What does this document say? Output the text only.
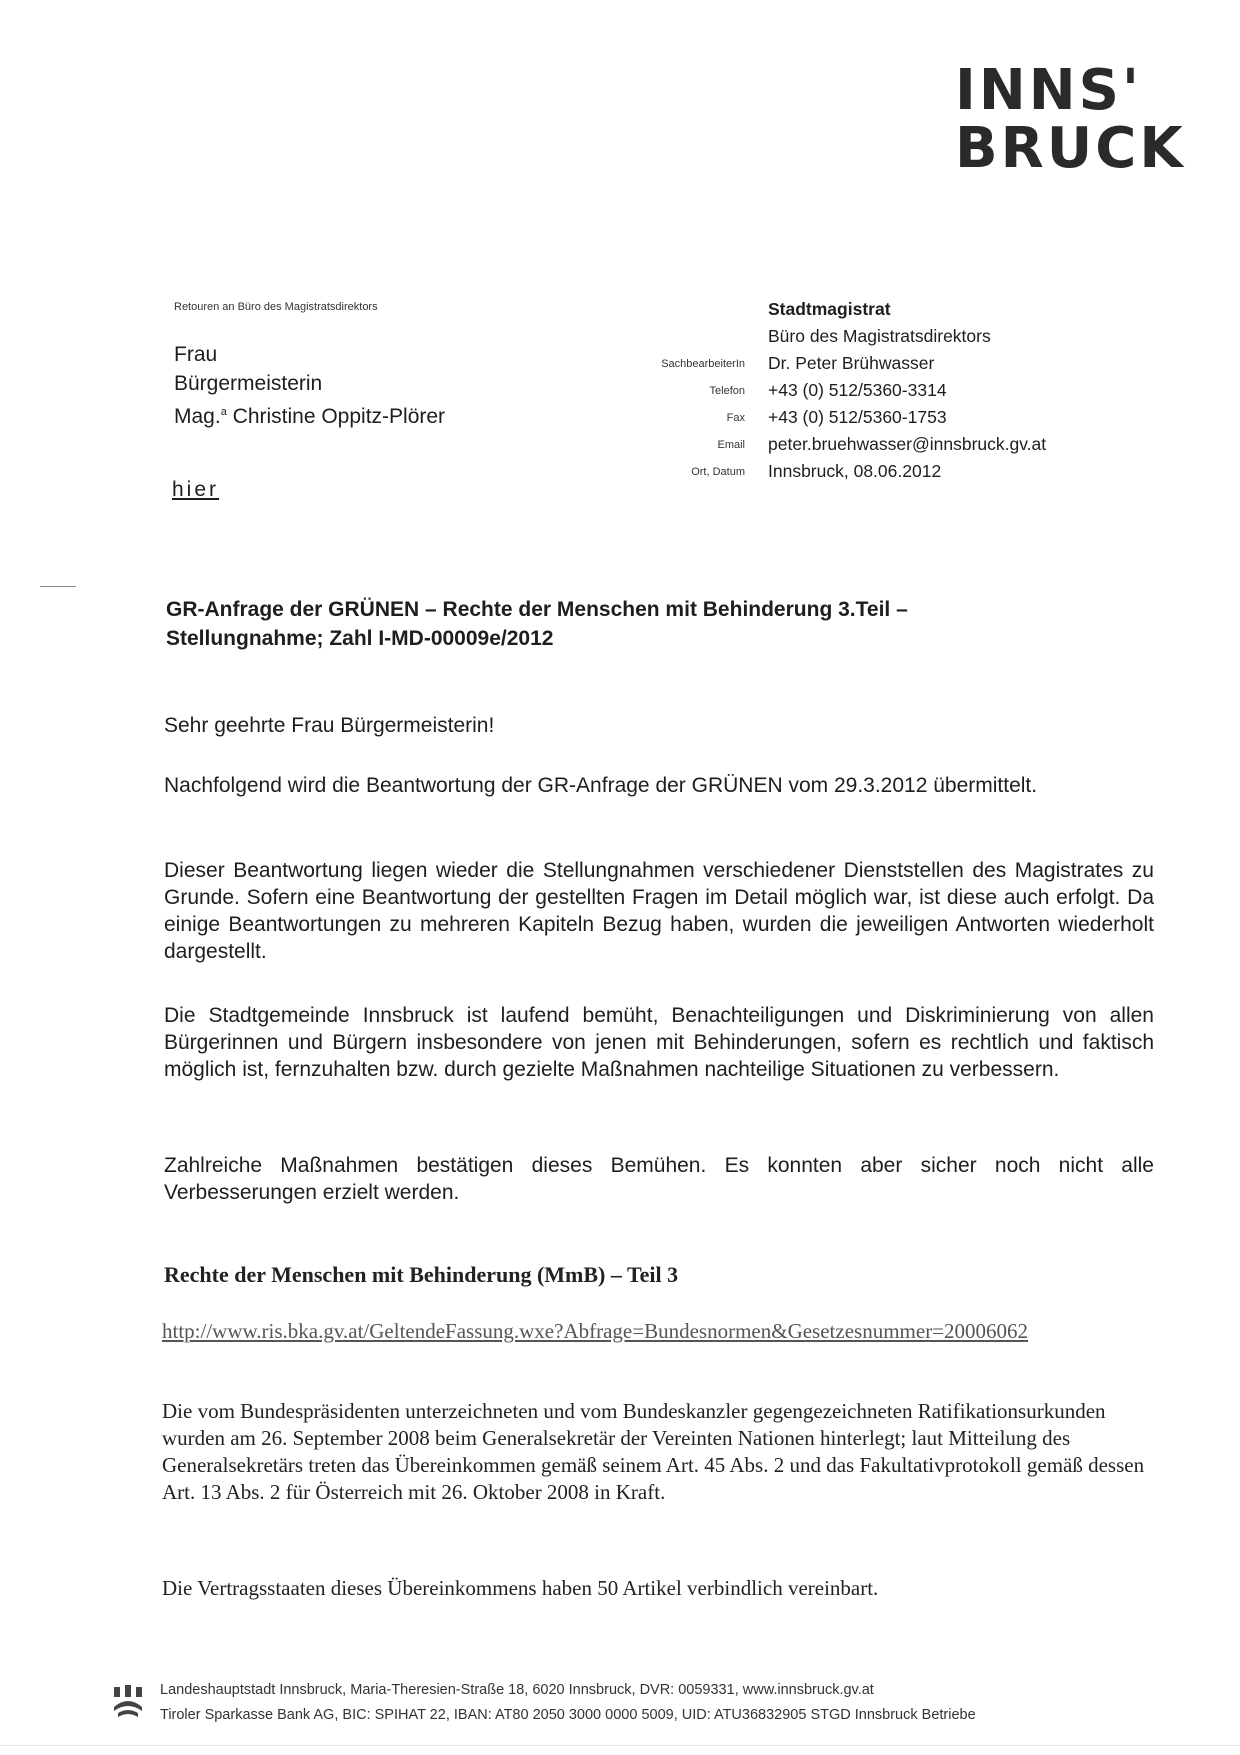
INNS'
BRUCK
Retouren an Büro des Magistratsdirektors
Frau
Bürgermeisterin
Mag.$^a$ Christine Oppitz-Plörer
hier
SachbearbeiterIn
Telefon
Fax
Email
Ort, Datum
Stadtmagistrat
Büro des Magistratsdirektors
Dr. Peter Brühwasser
+43 (0) 512/5360-3314
+43 (0) 512/5360-1753
peter.bruehwasser@innsbruck.gv.at
Innsbruck, 08.06.2012
GR-Anfrage der GRÜNEN – Rechte der Menschen mit Behinderung 3.Teil –
Stellungnahme; Zahl I-MD-00009e/2012
Sehr geehrte Frau Bürgermeisterin!
Nachfolgend wird die Beantwortung der GR-Anfrage der GRÜNEN vom 29.3.2012 übermittelt.
Dieser Beantwortung liegen wieder die Stellungnahmen verschiedener Dienststellen des Magistrates zu Grunde. Sofern eine Beantwortung der gestellten Fragen im Detail möglich war, ist diese auch erfolgt. Da einige Beantwortungen zu mehreren Kapiteln Bezug haben, wurden die jeweiligen Antworten wiederholt dargestellt.
Die Stadtgemeinde Innsbruck ist laufend bemüht, Benachteiligungen und Diskriminierung von allen Bürgerinnen und Bürgern insbesondere von jenen mit Behinderungen, sofern es rechtlich und faktisch möglich ist, fernzuhalten bzw. durch gezielte Maßnahmen nachteilige Situationen zu verbessern.
Zahlreiche Maßnahmen bestätigen dieses Bemühen. Es konnten aber sicher noch nicht alle Verbesserungen erzielt werden.
Rechte der Menschen mit Behinderung (MmB) – Teil 3
http://www.ris.bka.gv.at/GeltendeFassung.wxe?Abfrage=Bundesnormen&Gesetzesnummer=20006062
Die vom Bundespräsidenten unterzeichneten und vom Bundeskanzler gegengezeichneten Ratifikationsurkunden wurden am 26. September 2008 beim Generalsekretär der Vereinten Nationen hinterlegt; laut Mitteilung des Generalsekretärs treten das Übereinkommen gemäß seinem Art. 45 Abs. 2 und das Fakultativprotokoll gemäß dessen Art. 13 Abs. 2 für Österreich mit 26. Oktober 2008 in Kraft.
Die Vertragsstaaten dieses Übereinkommens haben 50 Artikel verbindlich vereinbart.
Landeshauptstadt Innsbruck, Maria-Theresien-Straße 18, 6020 Innsbruck, DVR: 0059331, www.innsbruck.gv.at
Tiroler Sparkasse Bank AG, BIC: SPIHAT 22, IBAN: AT80 2050 3000 0000 5009, UID: ATU36832905 STGD Innsbruck Betriebe
